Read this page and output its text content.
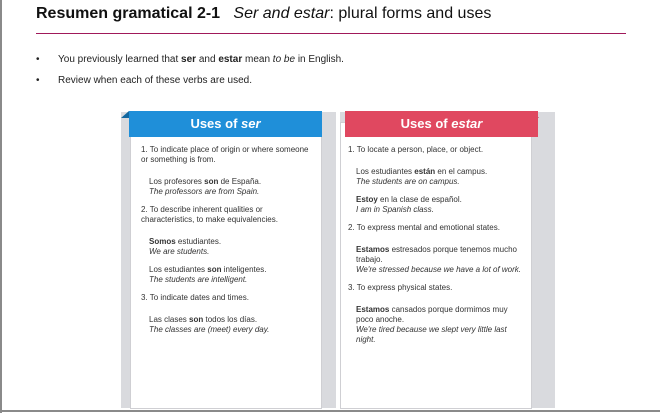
Resumen gramatical 2-1 Ser and estar: plural forms and uses
• You previously learned that ser and estar mean to be in English.
• Review when each of these verbs are used.
Uses of ser	Uses of estar

1. To indicate place of origin or where someone or something is from.

Los profesores son de España.
The professors are from Spain.

2. To describe inherent qualities or characteristics, to make equivalencies.

Somos estudiantes.
We are students.

Los estudiantes son inteligentes.
The students are intelligent.

3. To indicate dates and times.

Las clases son todos los días.
The classes are (meet) every day.

1. To locate a person, place, or object.

Los estudiantes están en el campus.
The students are on campus.

Estoy en la clase de español.
I am in Spanish class.

2. To express mental and emotional states.

Estamos estresados porque tenemos mucho trabajo.
We're stressed because we have a lot of work.

3. To express physical states.

Estamos cansados porque dormimos muy poco anoche.
We're tired because we slept very little last night.
